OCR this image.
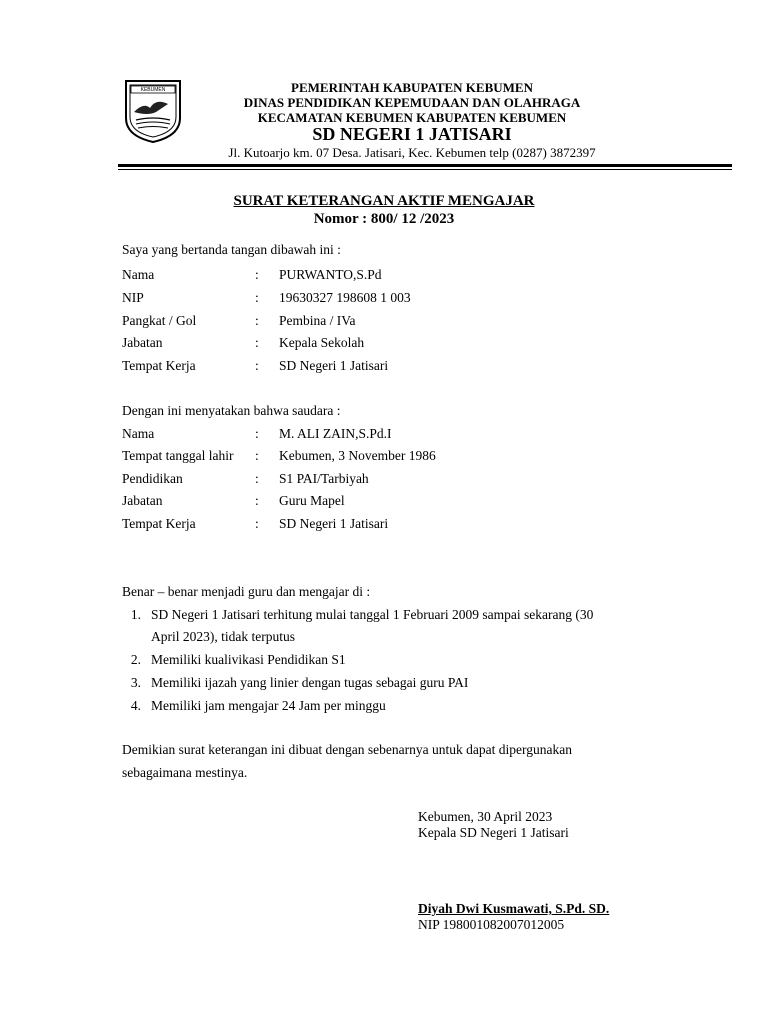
KEBUMEN	PEMERINTAH KABUPATEN KEBUMEN
DINAS PENDIDIKAN KEPEMUDAAN DAN OLAHRAGA
KECAMATAN KEBUMEN KABUPATEN KEBUMEN
SD NEGERI 1 JATISARI
Jl. Kutoarjo km. 07 Desa. Jatisari, Kec. Kebumen telp (0287) 3872397
SURAT KETERANGAN AKTIF MENGAJAR
Nomor : 800/ 12 /2023
Saya yang bertanda tangan dibawah ini :
Nama	: PURWANTO,S.Pd
NIP	: 19630327 198608 1 003
Pangkat / Gol	: Pembina / IVa
Jabatan	: Kepala Sekolah
Tempat Kerja	: SD Negeri 1 Jatisari
Dengan ini menyatakan bahwa saudara :
Nama	: M. ALI ZAIN,S.Pd.I
Tempat tanggal lahir : Kebumen, 3 November 1986
Pendidikan	: S1 PAI/Tarbiyah
Jabatan	: Guru Mapel
Tempat Kerja	: SD Negeri 1 Jatisari
Benar – benar menjadi guru dan mengajar di :
1. SD Negeri 1 Jatisari terhitung mulai tanggal 1 Februari 2009 sampai sekarang (30
April 2023), tidak terputus
2. Memiliki kualivikasi Pendidikan S1
3. Memiliki ijazah yang linier dengan tugas sebagai guru PAI
4. Memiliki jam mengajar 24 Jam per minggu
Demikian surat keterangan ini dibuat dengan sebenarnya untuk dapat dipergunakan
sebagaimana mestinya.
Kebumen, 30 April 2023
Kepala SD Negeri 1 Jatisari
Diyah Dwi Kusmawati, S.Pd. SD.
NIP 198001082007012005
